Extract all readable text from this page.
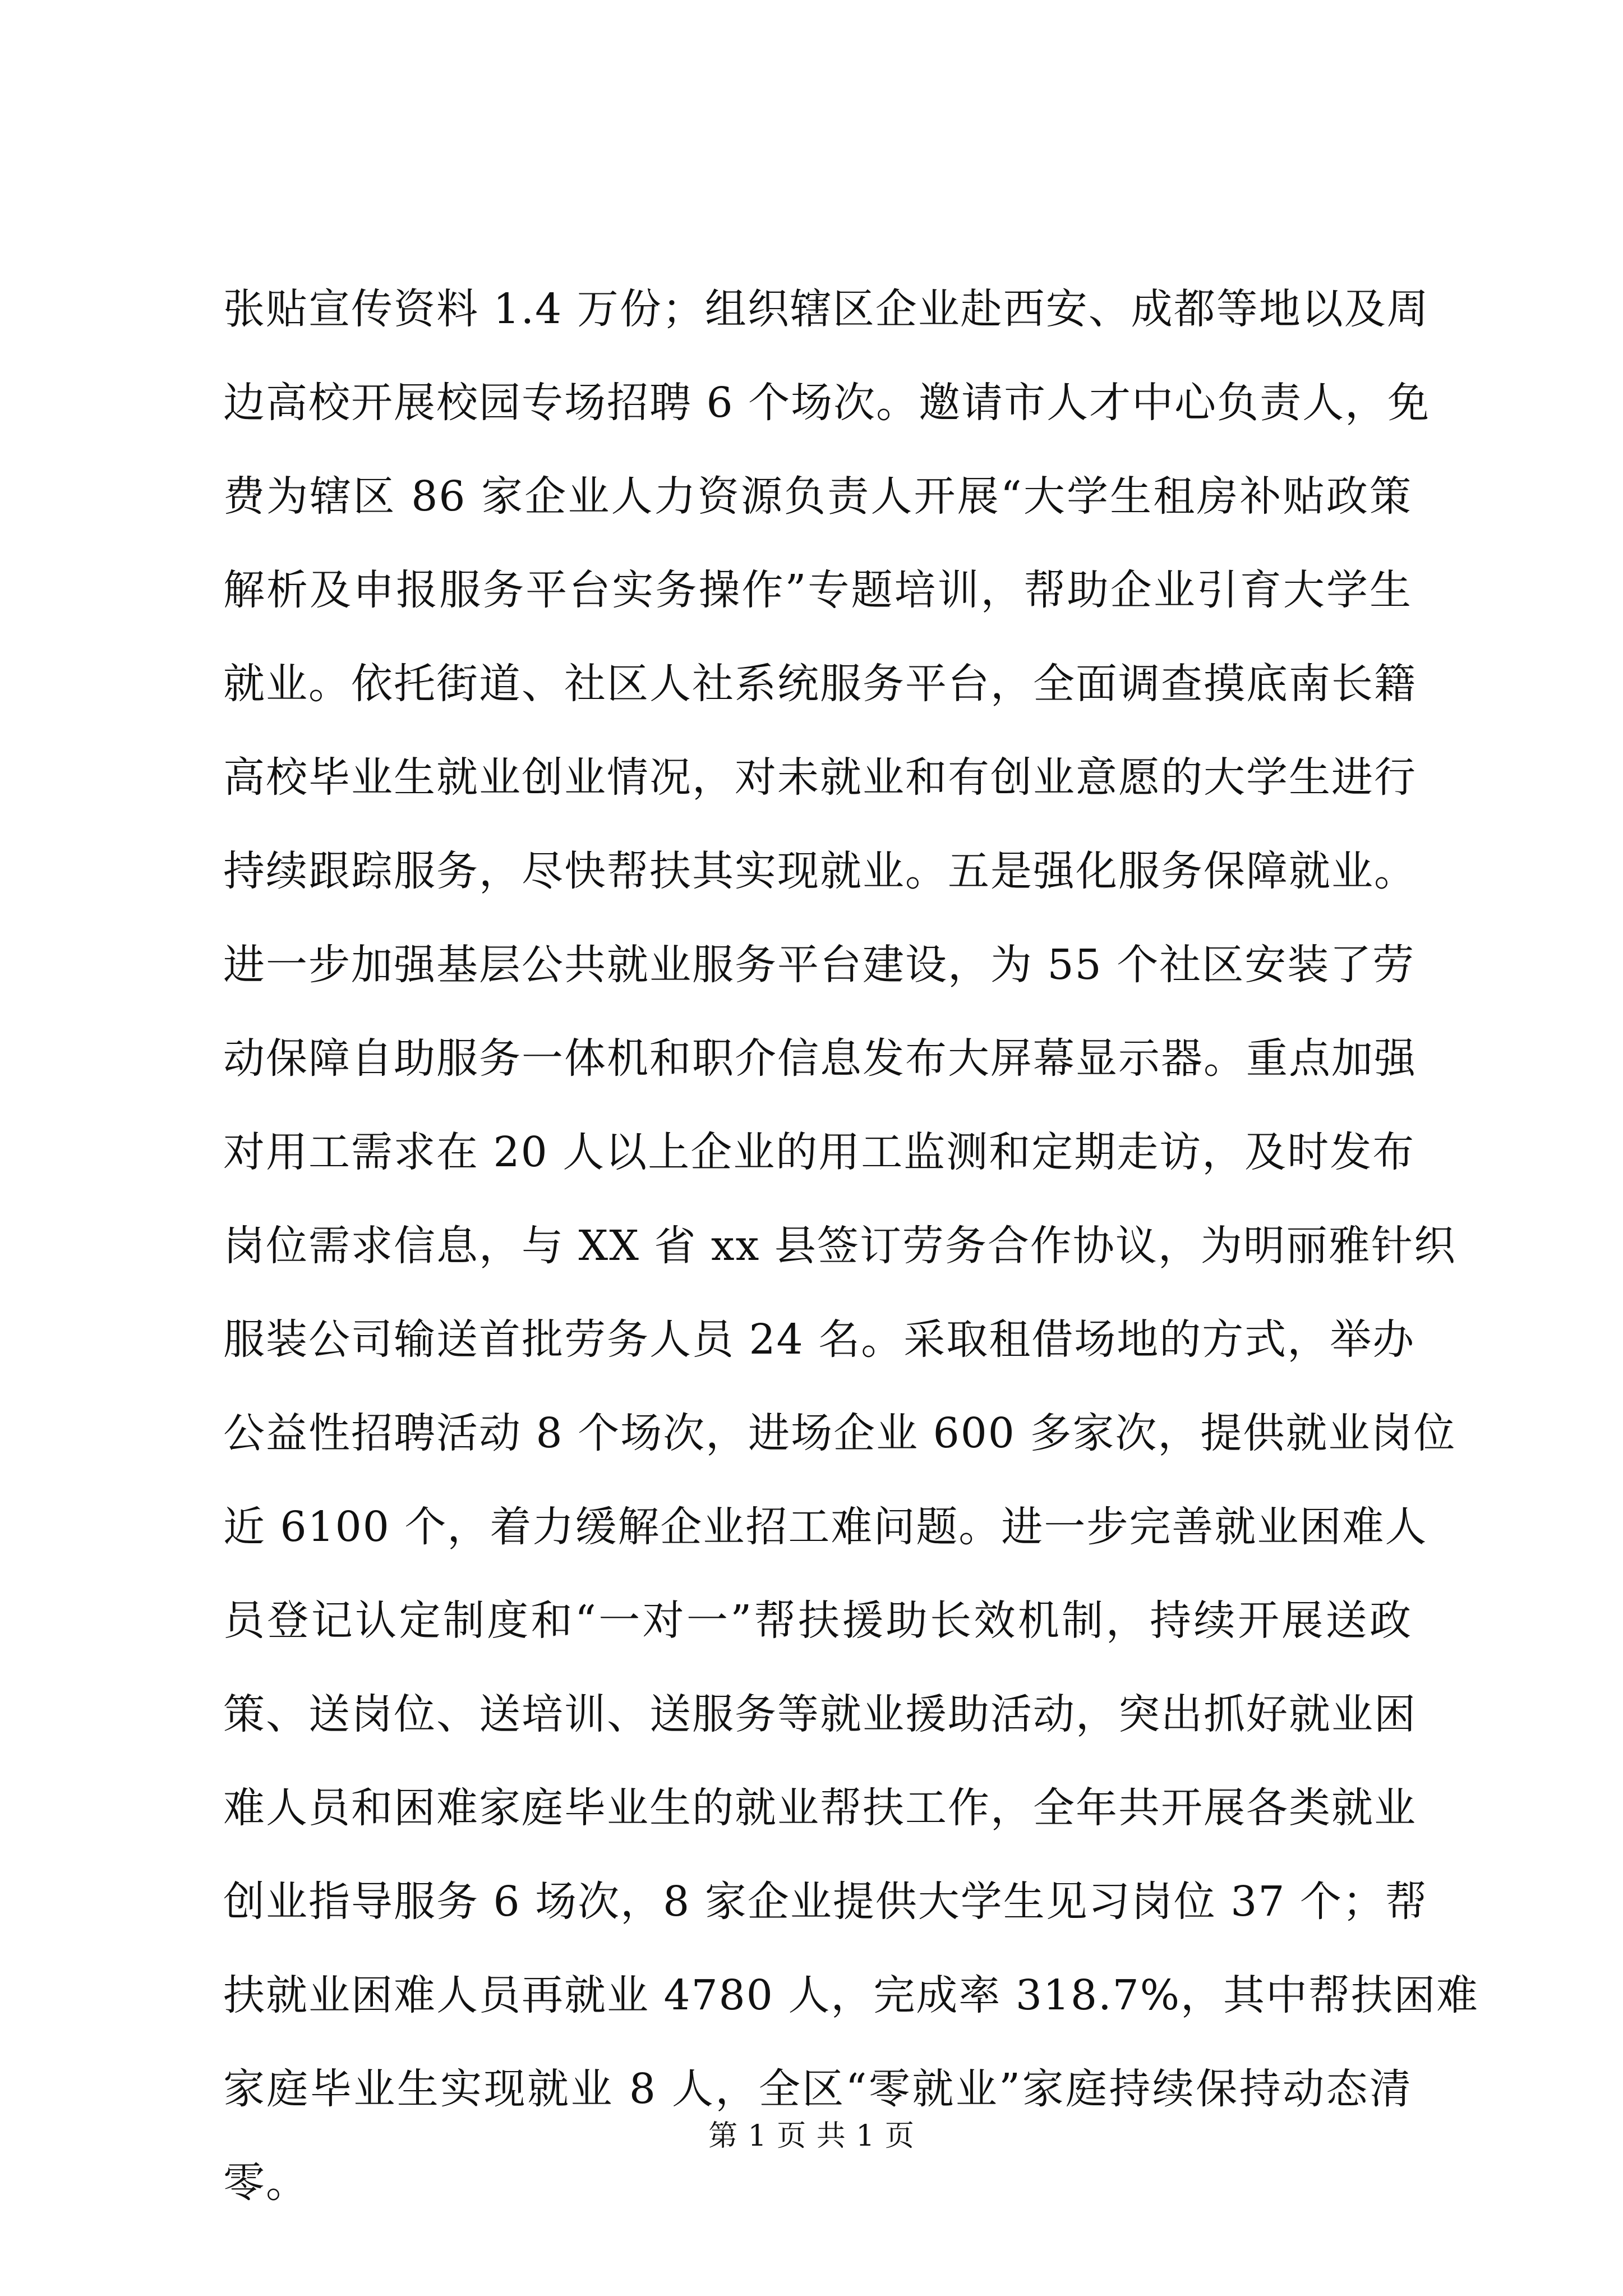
张贴宣传资料 1.4 万份；组织辖区企业赴西安、成都等地以及周
边高校开展校园专场招聘 6 个场次。邀请市人才中心负责人，免
费为辖区 86 家企业人力资源负责人开展“大学生租房补贴政策
解析及申报服务平台实务操作”专题培训，帮助企业引育大学生
就业。依托街道、社区人社系统服务平台，全面调查摸底南长籍
高校毕业生就业创业情况，对未就业和有创业意愿的大学生进行
持续跟踪服务，尽快帮扶其实现就业。五是强化服务保障就业。
进一步加强基层公共就业服务平台建设，为 55 个社区安装了劳
动保障自助服务一体机和职介信息发布大屏幕显示器。重点加强
对用工需求在 20 人以上企业的用工监测和定期走访，及时发布
岗位需求信息，与 XX 省 xx 县签订劳务合作协议，为明丽雅针织
服装公司输送首批劳务人员 24 名。采取租借场地的方式，举办
公益性招聘活动 8 个场次，进场企业 600 多家次，提供就业岗位
近 6100 个，着力缓解企业招工难问题。进一步完善就业困难人
员登记认定制度和“一对一”帮扶援助长效机制，持续开展送政
策、送岗位、送培训、送服务等就业援助活动，突出抓好就业困
难人员和困难家庭毕业生的就业帮扶工作，全年共开展各类就业
创业指导服务 6 场次，8 家企业提供大学生见习岗位 37 个；帮
扶就业困难人员再就业 4780 人，完成率 318.7%，其中帮扶困难
家庭毕业生实现就业 8 人，全区“零就业”家庭持续保持动态清
零。
第 1 页 共 1 页
